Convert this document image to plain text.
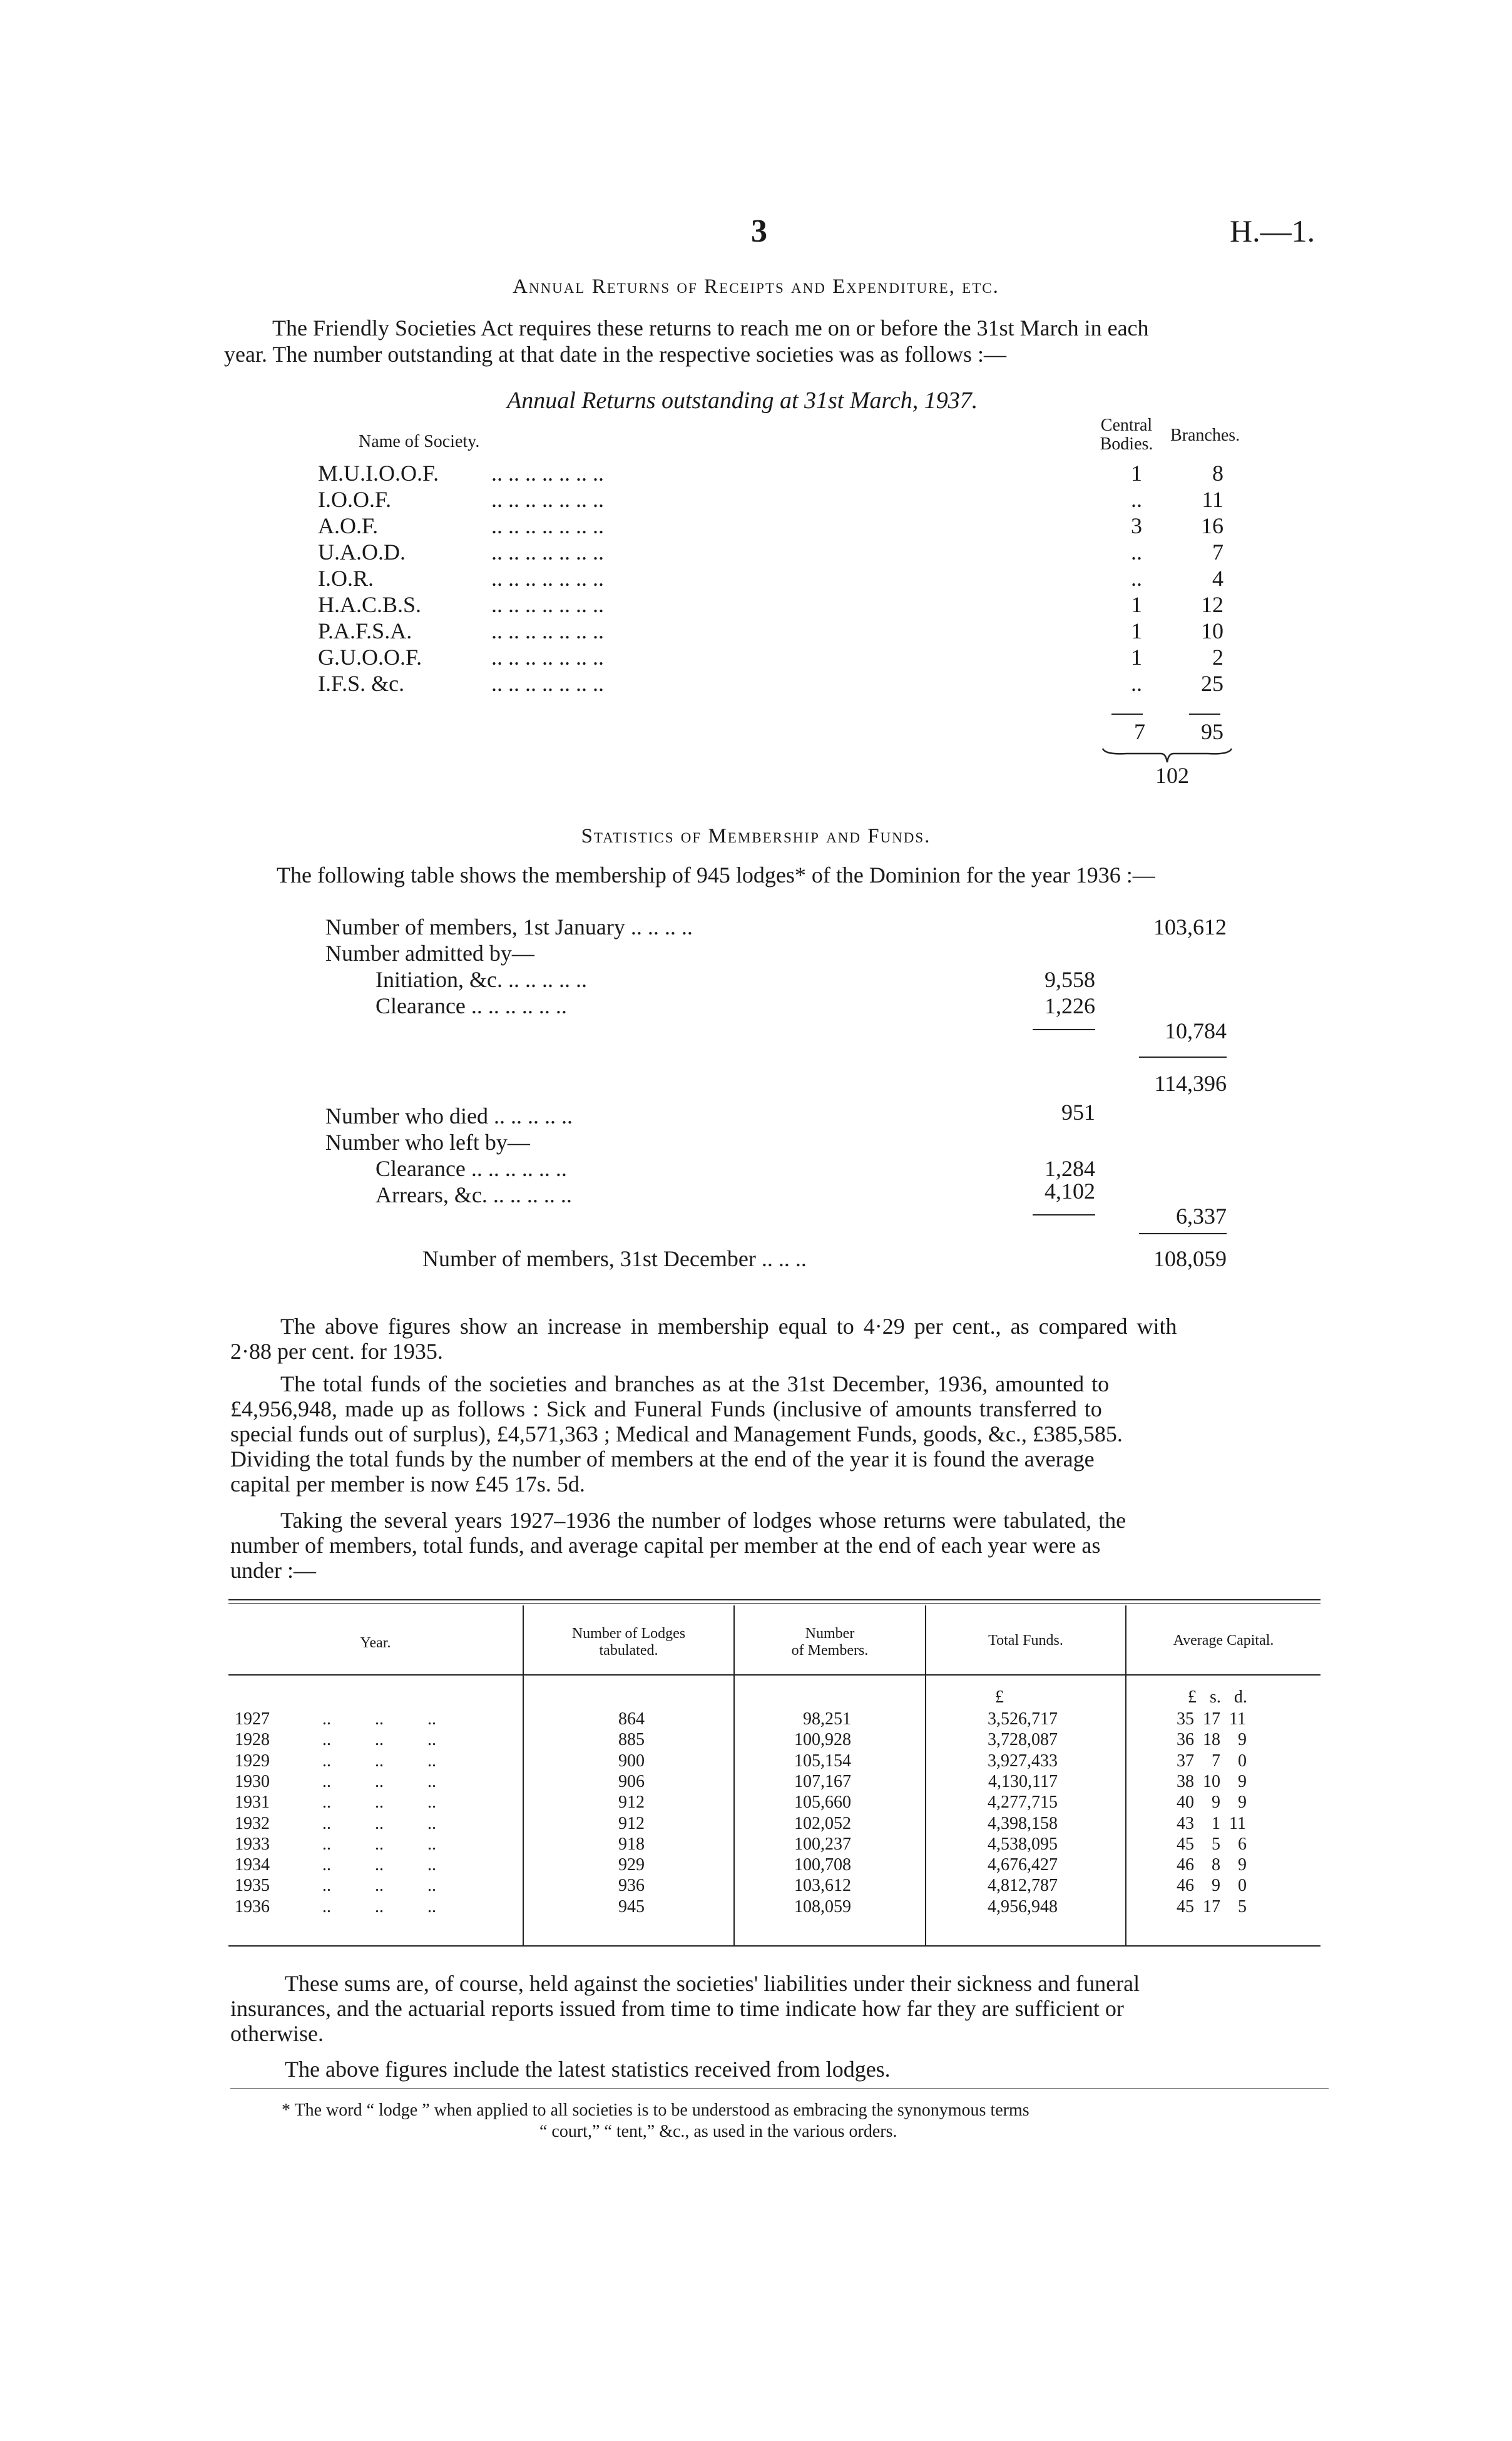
3	H.—1.
Annual Returns of Receipts and Expenditure, etc.
The Friendly Societies Act requires these returns to reach me on or before the 31st March in each
year. The number outstanding at that date in the respective societies was as follows :—
Annual Returns outstanding at 31st March, 1937.
Name of Society.
Central
Bodies. Branches.
M.U.I.O.O.F. .. .. .. .. .. .. ..	1	8
I.O.O.F.	.. .. .. .. .. .. ..	..	11
A.O.F.	.. .. .. .. .. .. ..	3	16
U.A.O.D.	.. .. .. .. .. .. ..	..	7
I.O.R.	.. .. .. .. .. .. ..	..	4
H.A.C.B.S.	.. .. .. .. .. .. ..	1	12
P.A.F.S.A.	.. .. .. .. .. .. ..	1	10
G.U.O.O.F.	.. .. .. .. .. .. ..	1	2
I.F.S. &c.	.. .. .. .. .. .. ..	..	25
7	95
102
Statistics of Membership and Funds.
The following table shows the membership of 945 lodges* of the Dominion for the year 1936 :—
Number of members, 1st January .. .. .. ..	103,612
Number admitted by—
Initiation, &c. .. .. .. .. ..	9,558
Clearance .. .. .. .. .. ..	1,226
10,784
114,396
Number who died .. .. .. .. ..	951
Number who left by—
Clearance .. .. .. .. .. ..	1,284
Arrears, &c. .. .. .. .. ..	4,102
6,337
Number of members, 31st December .. .. ..	108,059
The above figures show an increase in membership equal to 4·29 per cent., as compared with
2·88 per cent. for 1935.
The total funds of the societies and branches as at the 31st December, 1936, amounted to
£4,956,948, made up as follows : Sick and Funeral Funds (inclusive of amounts transferred to
special funds out of surplus), £4,571,363 ; Medical and Management Funds, goods, &c., £385,585.
Dividing the total funds by the number of members at the end of the year it is found the average
capital per member is now £45 17s. 5d.
Taking the several years 1927–1936 the number of lodges whose returns were tabulated, the
number of members, total funds, and average capital per member at the end of each year were as
under :—
Year.
Number of Lodges
tabulated.
Number
of Members.
Total Funds.	Average Capital.
£	£   s.   d.
1927	..          ..          ..	864	98,251	3,526,717	35  17  11
1928	..          ..          ..	885	100,928	3,728,087	36  18    9
1929	..          ..          ..	900	105,154	3,927,433	37    7    0
1930	..          ..          ..	906	107,167	4,130,117	38  10    9
1931	..          ..          ..	912	105,660	4,277,715	40    9    9
1932	..          ..          ..	912	102,052	4,398,158	43    1  11
1933	..          ..          ..	918	100,237	4,538,095	45    5    6
1934	..          ..          ..	929	100,708	4,676,427	46    8    9
1935	..          ..          ..	936	103,612	4,812,787	46    9    0
1936	..          ..          ..	945	108,059	4,956,948	45  17    5
These sums are, of course, held against the societies' liabilities under their sickness and funeral
insurances, and the actuarial reports issued from time to time indicate how far they are sufficient or
otherwise.
The above figures include the latest statistics received from lodges.
* The word “ lodge ” when applied to all societies is to be understood as embracing the synonymous terms
“ court,” “ tent,” &c., as used in the various orders.
